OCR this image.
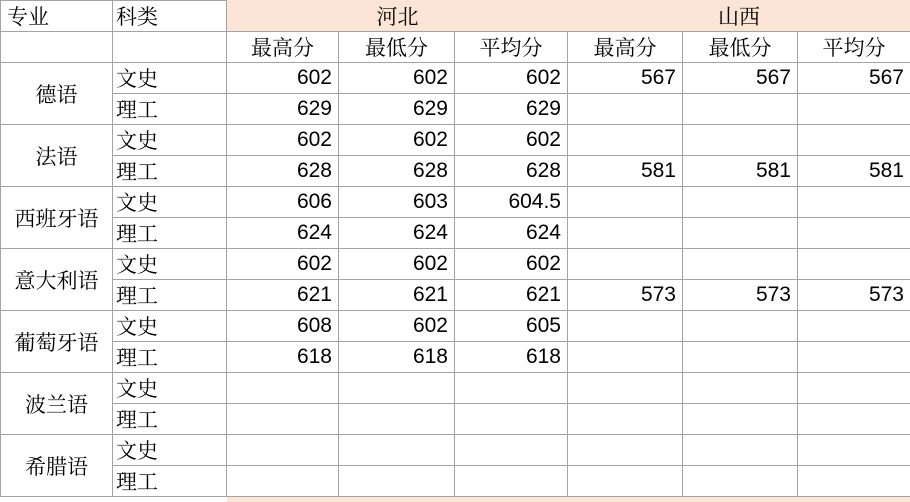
专业	科类	河北			山西		
		最高分	最低分	平均分	最高分	最低分	平均分
德语	文史	602	602	602	567	567	567
	理工	629	629	629			
法语	文史	602	602	602			
	理工	628	628	628	581	581	581
西班牙语	文史	606	603	604.5			
	理工	624	624	624			
意大利语	文史	602	602	602			
	理工	621	621	621	573	573	573
葡萄牙语	文史	608	602	605			
	理工	618	618	618			
波兰语	文史						
	理工						
希腊语	文史						
	理工						
